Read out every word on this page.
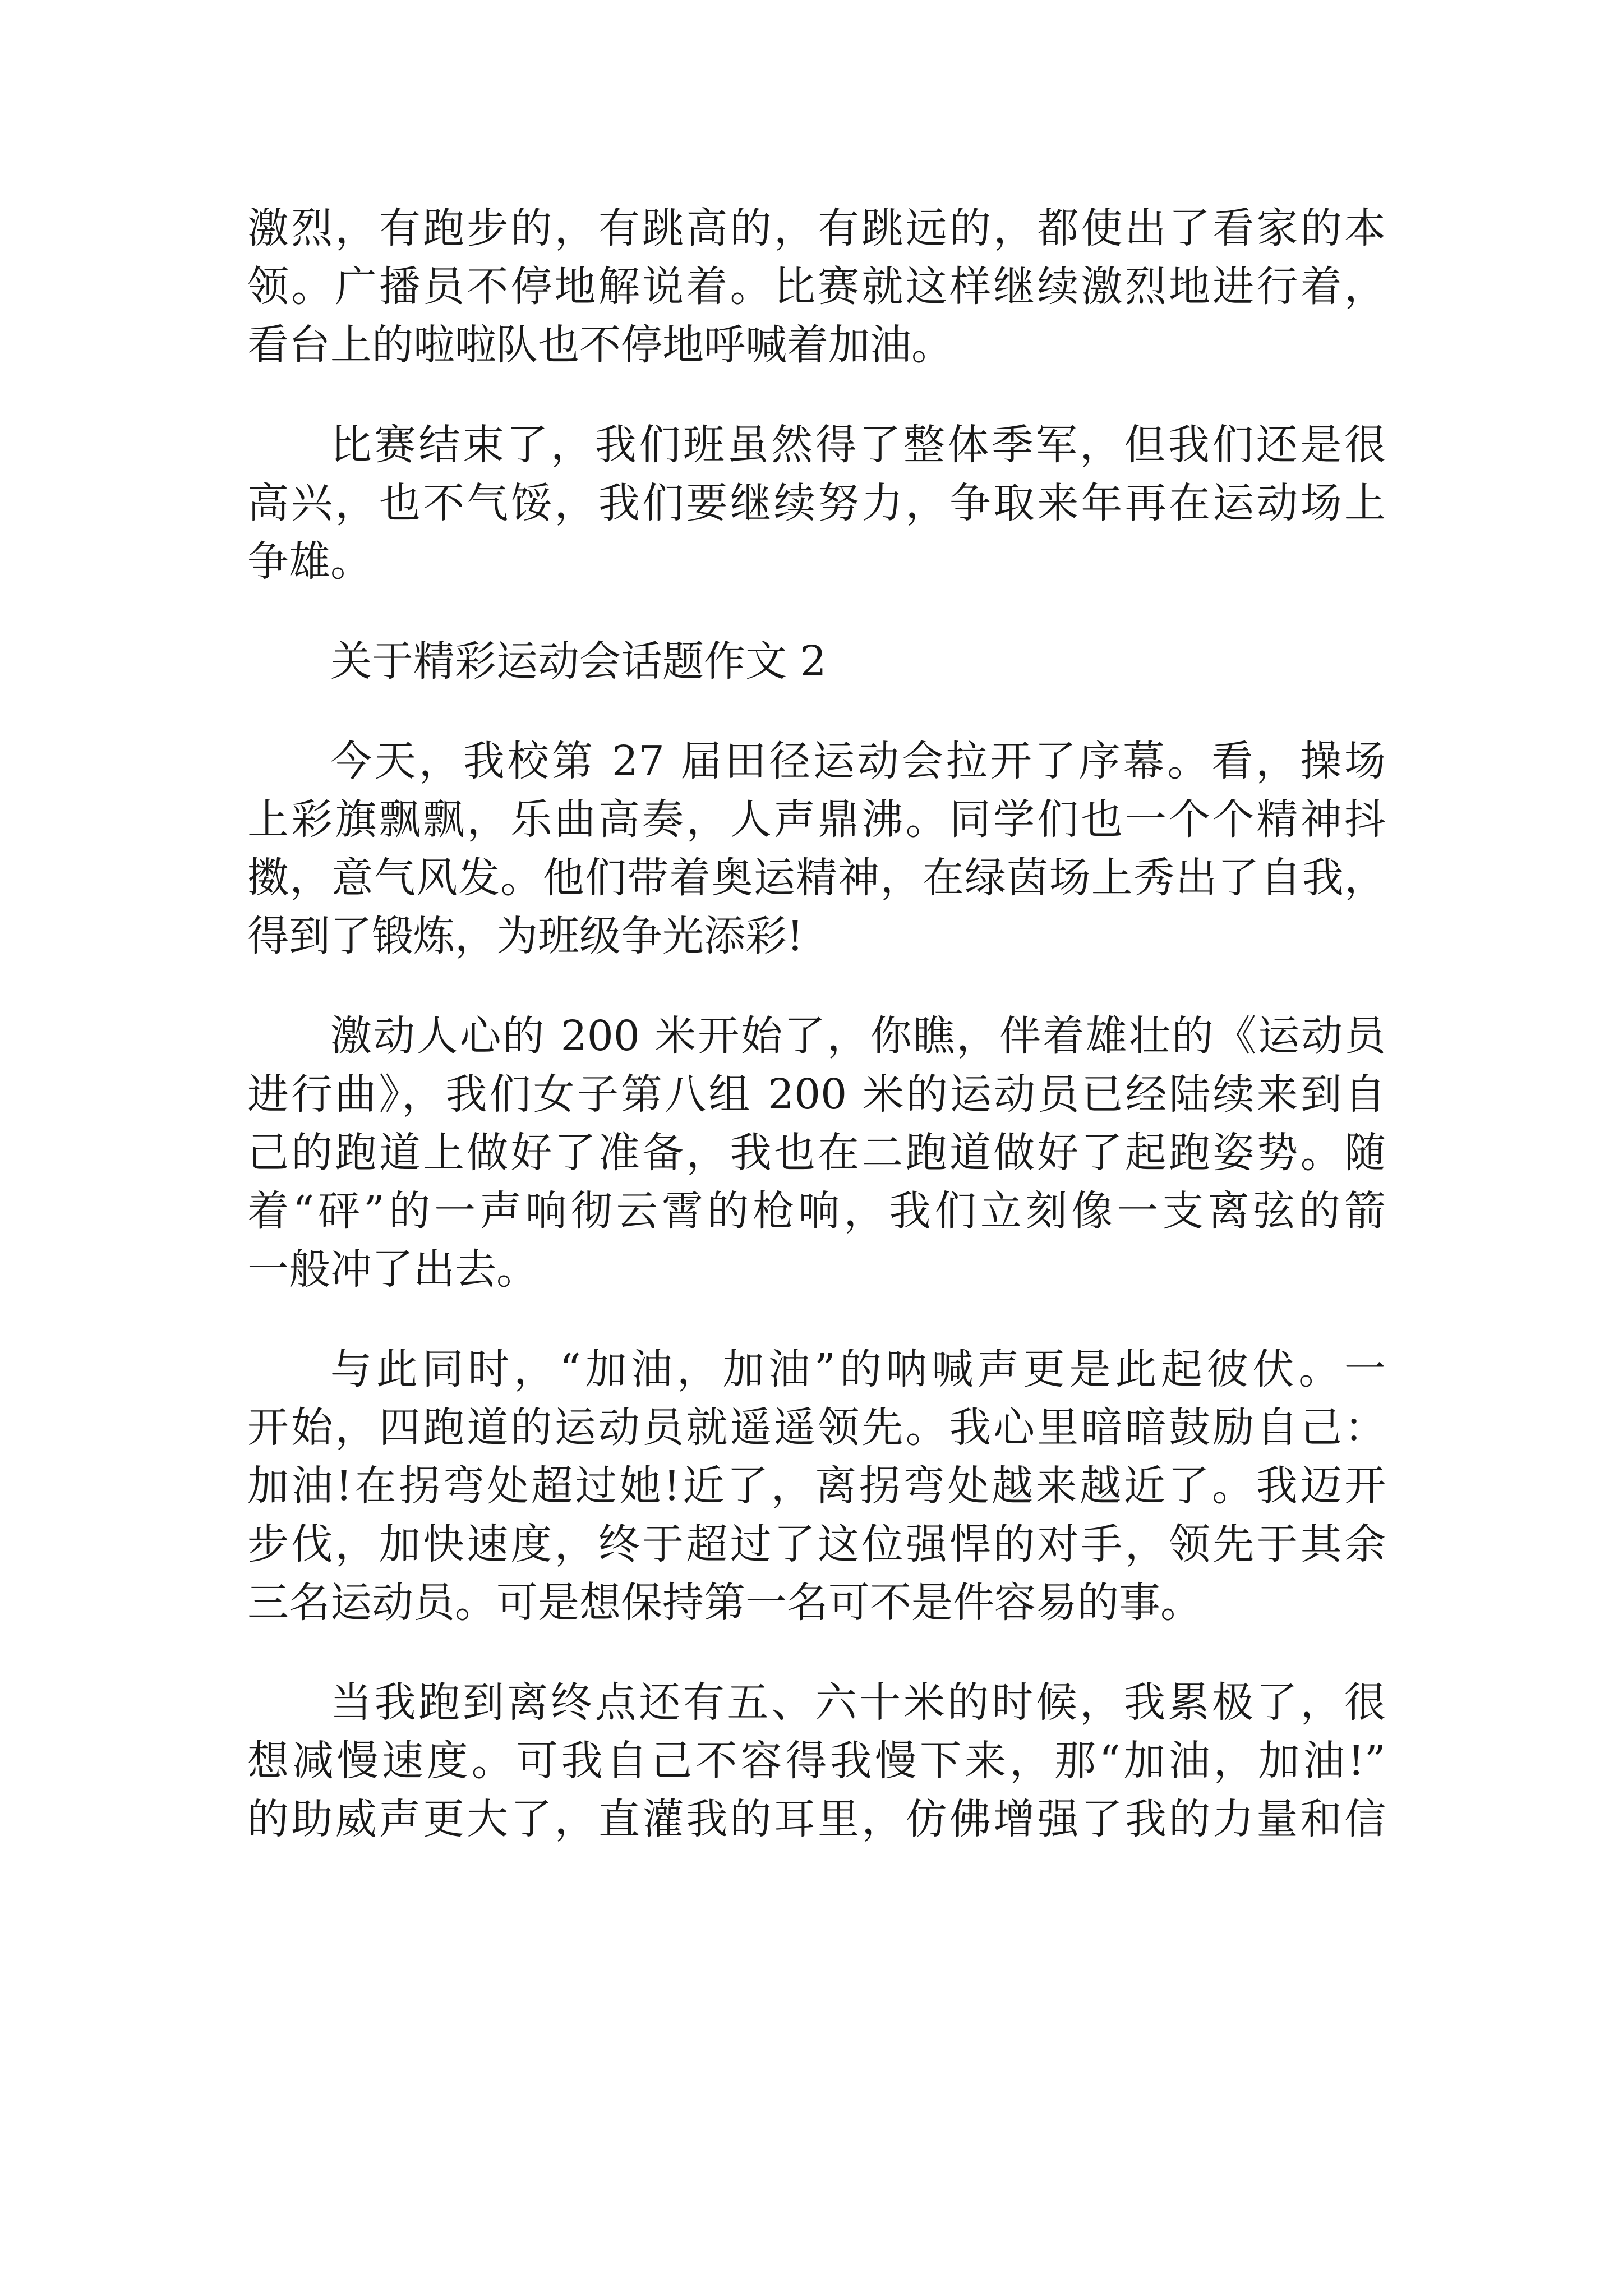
激烈，有跑步的，有跳高的，有跳远的，都使出了看家的本

领。广播员不停地解说着。比赛就这样继续激烈地进行着，

看台上的啦啦队也不停地呼喊着加油。

比赛结束了，我们班虽然得了整体季军，但我们还是很

高兴，也不气馁，我们要继续努力，争取来年再在运动场上

争雄。

关于精彩运动会话题作文 2

今天，我校第 27 届田径运动会拉开了序幕。看，操场

上彩旗飘飘，乐曲高奏，人声鼎沸。同学们也一个个精神抖

擞，意气风发。他们带着奥运精神，在绿茵场上秀出了自我，

得到了锻炼，为班级争光添彩!

激动人心的 200 米开始了，你瞧，伴着雄壮的《运动员

进行曲》，我们女子第八组 200 米的运动员已经陆续来到自

己的跑道上做好了准备，我也在二跑道做好了起跑姿势。随

着“砰”的一声响彻云霄的枪响，我们立刻像一支离弦的箭

一般冲了出去。

与此同时，“加油，加油”的呐喊声更是此起彼伏。一

开始，四跑道的运动员就遥遥领先。我心里暗暗鼓励自己：

加油!在拐弯处超过她!近了，离拐弯处越来越近了。我迈开

步伐，加快速度，终于超过了这位强悍的对手，领先于其余

三名运动员。可是想保持第一名可不是件容易的事。

当我跑到离终点还有五、六十米的时候，我累极了，很

想减慢速度。可我自己不容得我慢下来，那“加油，加油!”

的助威声更大了，直灌我的耳里，仿佛增强了我的力量和信
